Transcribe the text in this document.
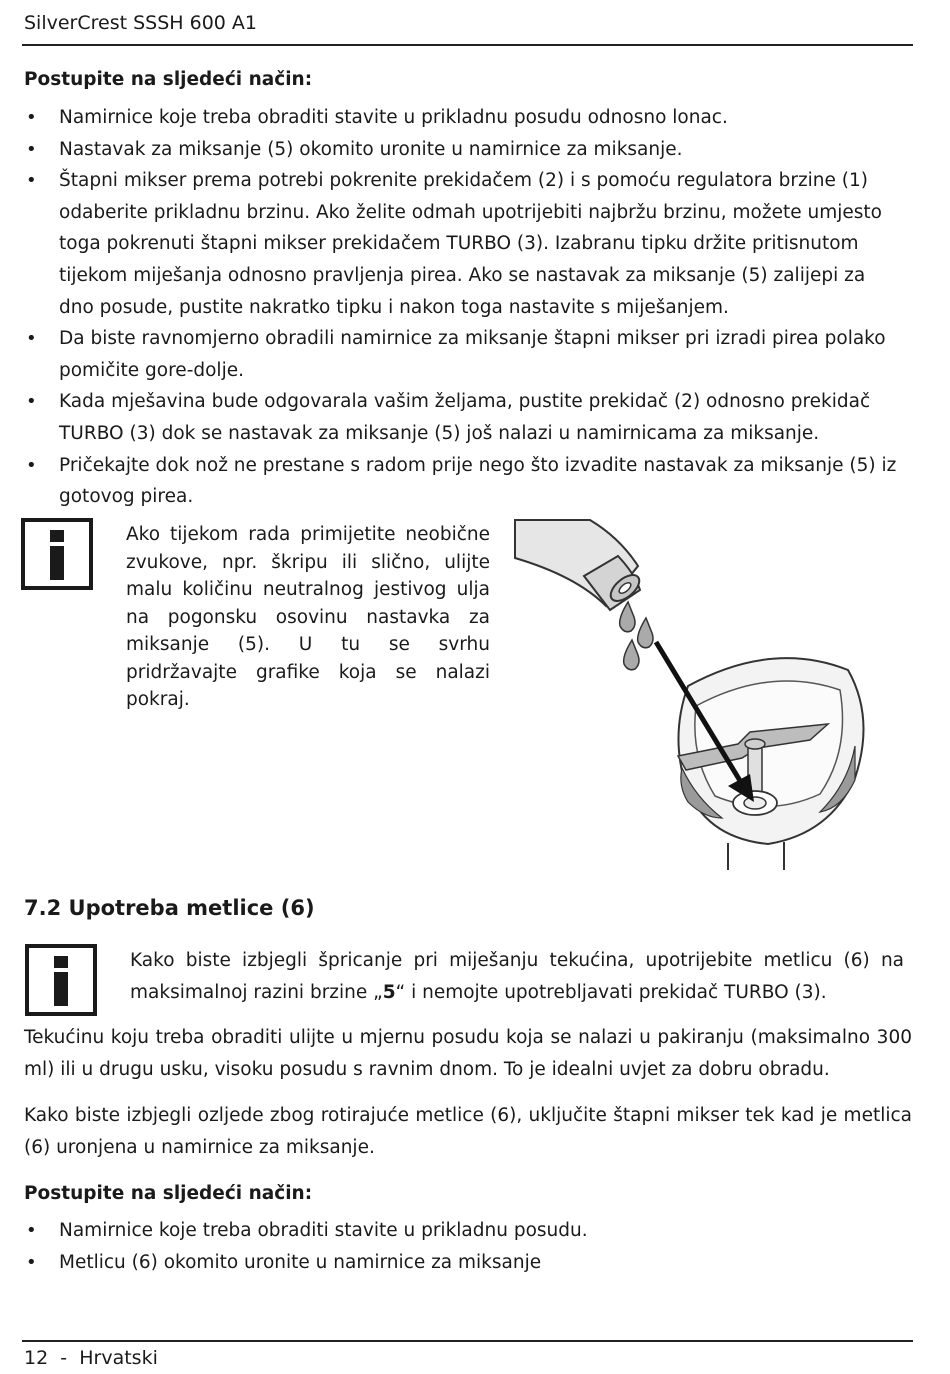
SilverCrest SSSH 600 A1
Postupite na sljedeći način:
• Namirnice koje treba obraditi stavite u prikladnu posudu odnosno lonac.
• Nastavak za miksanje (5) okomito uronite u namirnice za miksanje.
• Štapni mikser prema potrebi pokrenite prekidačem (2) i s pomoću regulatora brzine (1) odaberite prikladnu brzinu. Ako želite odmah upotrijebiti najbržu brzinu, možete umjesto toga pokrenuti štapni mikser prekidačem TURBO (3). Izabranu tipku držite pritisnutom tijekom miješanja odnosno pravljenja pirea. Ako se nastavak za miksanje (5) zalijepi za dno posude, pustite nakratko tipku i nakon toga nastavite s miješanjem.
• Da biste ravnomjerno obradili namirnice za miksanje štapni mikser pri izradi pirea polako pomičite gore-dolje.
• Kada mješavina bude odgovarala vašim željama, pustite prekidač (2) odnosno prekidač TURBO (3) dok se nastavak za miksanje (5) još nalazi u namirnicama za miksanje.
• Pričekajte dok nož ne prestane s radom prije nego što izvadite nastavak za miksanje (5) iz gotovog pirea.
Ako tijekom rada primijetite neobične zvukove, npr. škripu ili slično, ulijte malu količinu neutralnog jestivog ulja na pogonsku osovinu nastavka za miksanje (5). U tu se svrhu pridržavajte grafike koja se nalazi pokraj.
7.2 Upotreba metlice (6)
Kako biste izbjegli špricanje pri miješanju tekućina, upotrijebite metlicu (6) na maksimalnoj razini brzine „5“ i nemojte upotrebljavati prekidač TURBO (3).
Tekućinu koju treba obraditi ulijte u mjernu posudu koja se nalazi u pakiranju (maksimalno 300 ml) ili u drugu usku, visoku posudu s ravnim dnom. To je idealni uvjet za dobru obradu.
Kako biste izbjegli ozljede zbog rotirajuće metlice (6), uključite štapni mikser tek kad je metlica (6) uronjena u namirnice za miksanje.
Postupite na sljedeći način:
• Namirnice koje treba obraditi stavite u prikladnu posudu.
• Metlicu (6) okomito uronite u namirnice za miksanje
12 - Hrvatski
